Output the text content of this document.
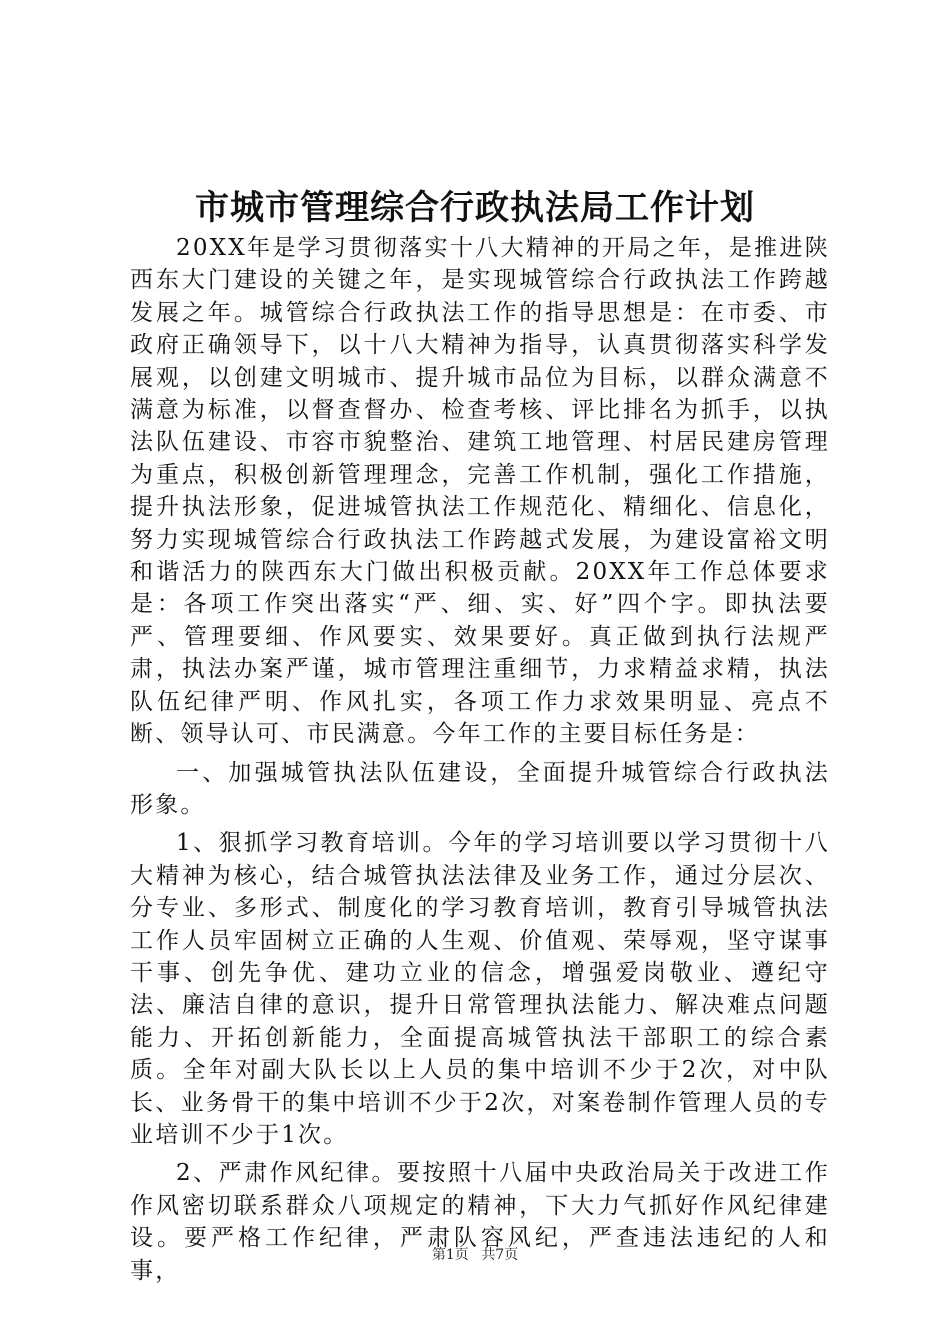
市城市管理综合行政执法局工作计划

20XX年是学习贯彻落实十八大精神的开局之年，是推进陕西东大门建设的关键之年，是实现城管综合行政执法工作跨越发展之年。城管综合行政执法工作的指导思想是：在市委、市政府正确领导下，以十八大精神为指导，认真贯彻落实科学发展观，以创建文明城市、提升城市品位为目标，以群众满意不满意为标准，以督查督办、检查考核、评比排名为抓手，以执法队伍建设、市容市貌整治、建筑工地管理、村居民建房管理为重点，积极创新管理理念，完善工作机制，强化工作措施，提升执法形象，促进城管执法工作规范化、精细化、信息化，努力实现城管综合行政执法工作跨越式发展，为建设富裕文明和谐活力的陕西东大门做出积极贡献。20XX年工作总体要求是：各项工作突出落实“严、细、实、好”四个字。即执法要严、管理要细、作风要实、效果要好。真正做到执行法规严肃，执法办案严谨，城市管理注重细节，力求精益求精，执法队伍纪律严明、作风扎实，各项工作力求效果明显、亮点不断、领导认可、市民满意。今年工作的主要目标任务是：

一、加强城管执法队伍建设，全面提升城管综合行政执法形象。

1、狠抓学习教育培训。今年的学习培训要以学习贯彻十八大精神为核心，结合城管执法法律及业务工作，通过分层次、分专业、多形式、制度化的学习教育培训，教育引导城管执法工作人员牢固树立正确的人生观、价值观、荣辱观，坚守谋事干事、创先争优、建功立业的信念，增强爱岗敬业、遵纪守法、廉洁自律的意识，提升日常管理执法能力、解决难点问题能力、开拓创新能力，全面提高城管执法干部职工的综合素质。全年对副大队长以上人员的集中培训不少于2次，对中队长、业务骨干的集中培训不少于2次，对案卷制作管理人员的专业培训不少于1次。

2、严肃作风纪律。要按照十八届中央政治局关于改进工作作风密切联系群众八项规定的精神，下大力气抓好作风纪律建设。要严格工作纪律，严肃队容风纪，严查违法违纪的人和事，

第1页 共7页
